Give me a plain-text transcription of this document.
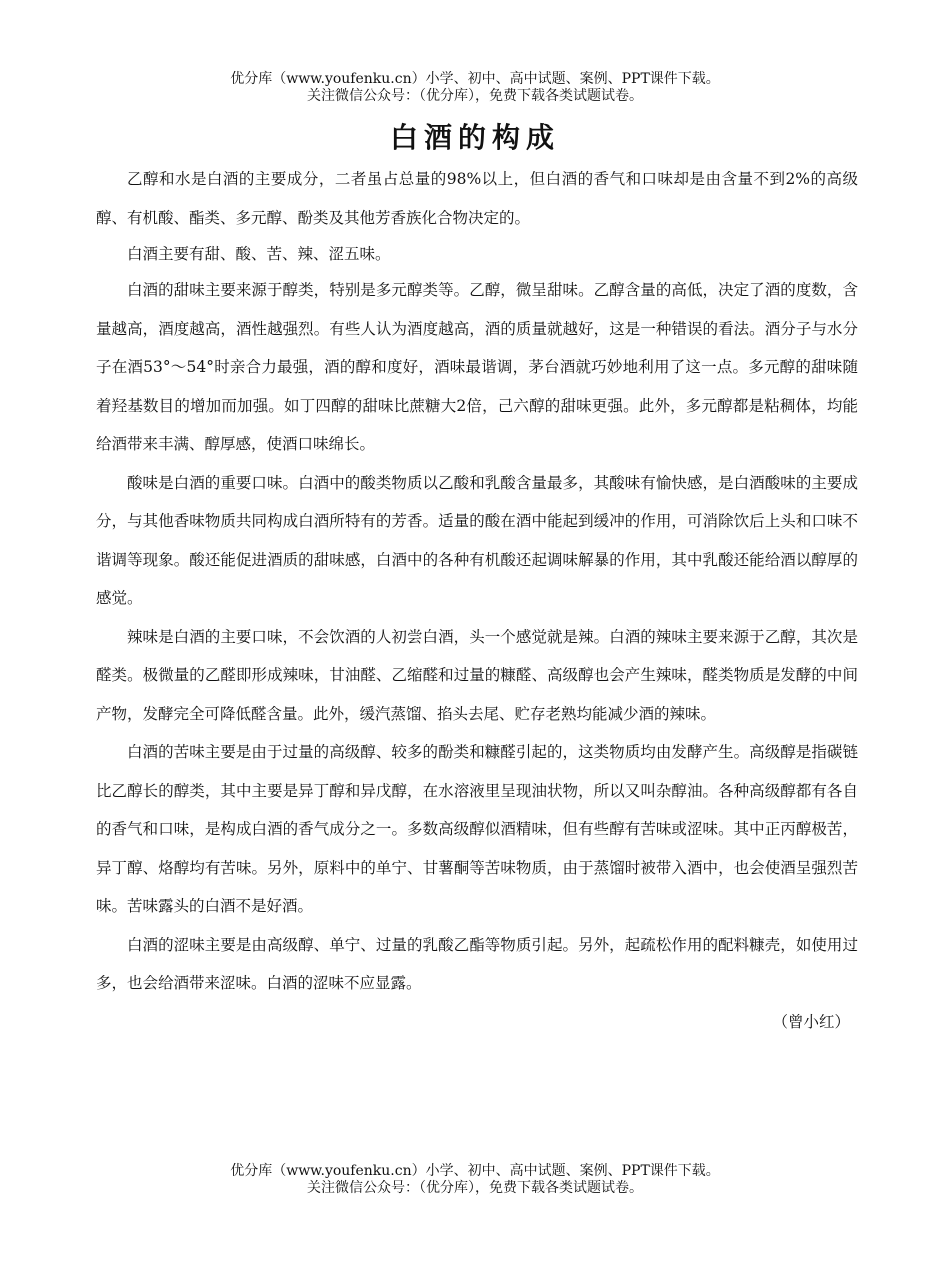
优分库（www.youfenku.cn）小学、初中、高中试题、案例、PPT课件下载。
关注微信公众号：（优分库），免费下载各类试题试卷。
白酒的构成

乙醇和水是白酒的主要成分，二者虽占总量的98%以上，但白酒的香气和口味却是由含量不到2%的高级醇、有机酸、酯类、多元醇、酚类及其他芳香族化合物决定的。

白酒主要有甜、酸、苦、辣、涩五味。

白酒的甜味主要来源于醇类，特别是多元醇类等。乙醇，微呈甜味。乙醇含量的高低，决定了酒的度数，含量越高，酒度越高，酒性越强烈。有些人认为酒度越高，酒的质量就越好，这是一种错误的看法。酒分子与水分子在酒53°～54°时亲合力最强，酒的醇和度好，酒味最谐调，茅台酒就巧妙地利用了这一点。多元醇的甜味随着羟基数目的增加而加强。如丁四醇的甜味比蔗糖大2倍，己六醇的甜味更强。此外，多元醇都是粘稠体，均能给酒带来丰满、醇厚感，使酒口味绵长。

酸味是白酒的重要口味。白酒中的酸类物质以乙酸和乳酸含量最多，其酸味有愉快感，是白酒酸味的主要成分，与其他香味物质共同构成白酒所特有的芳香。适量的酸在酒中能起到缓冲的作用，可消除饮后上头和口味不谐调等现象。酸还能促进酒质的甜味感，白酒中的各种有机酸还起调味解暴的作用，其中乳酸还能给酒以醇厚的感觉。

辣味是白酒的主要口味，不会饮酒的人初尝白酒，头一个感觉就是辣。白酒的辣味主要来源于乙醇，其次是醛类。极微量的乙醛即形成辣味，甘油醛、乙缩醛和过量的糠醛、高级醇也会产生辣味，醛类物质是发酵的中间产物，发酵完全可降低醛含量。此外，缓汽蒸馏、掐头去尾、贮存老熟均能减少酒的辣味。

白酒的苦味主要是由于过量的高级醇、较多的酚类和糠醛引起的，这类物质均由发酵产生。高级醇是指碳链比乙醇长的醇类，其中主要是异丁醇和异戊醇，在水溶液里呈现油状物，所以又叫杂醇油。各种高级醇都有各自的香气和口味，是构成白酒的香气成分之一。多数高级醇似酒精味，但有些醇有苦味或涩味。其中正丙醇极苦，异丁醇、烙醇均有苦味。另外，原料中的单宁、甘薯酮等苦味物质，由于蒸馏时被带入酒中，也会使酒呈强烈苦味。苦味露头的白酒不是好酒。

白酒的涩味主要是由高级醇、单宁、过量的乳酸乙酯等物质引起。另外，起疏松作用的配料糠壳，如使用过多，也会给酒带来涩味。白酒的涩味不应显露。

（曾小红）

优分库（www.youfenku.cn）小学、初中、高中试题、案例、PPT课件下载。
关注微信公众号：（优分库），免费下载各类试题试卷。
